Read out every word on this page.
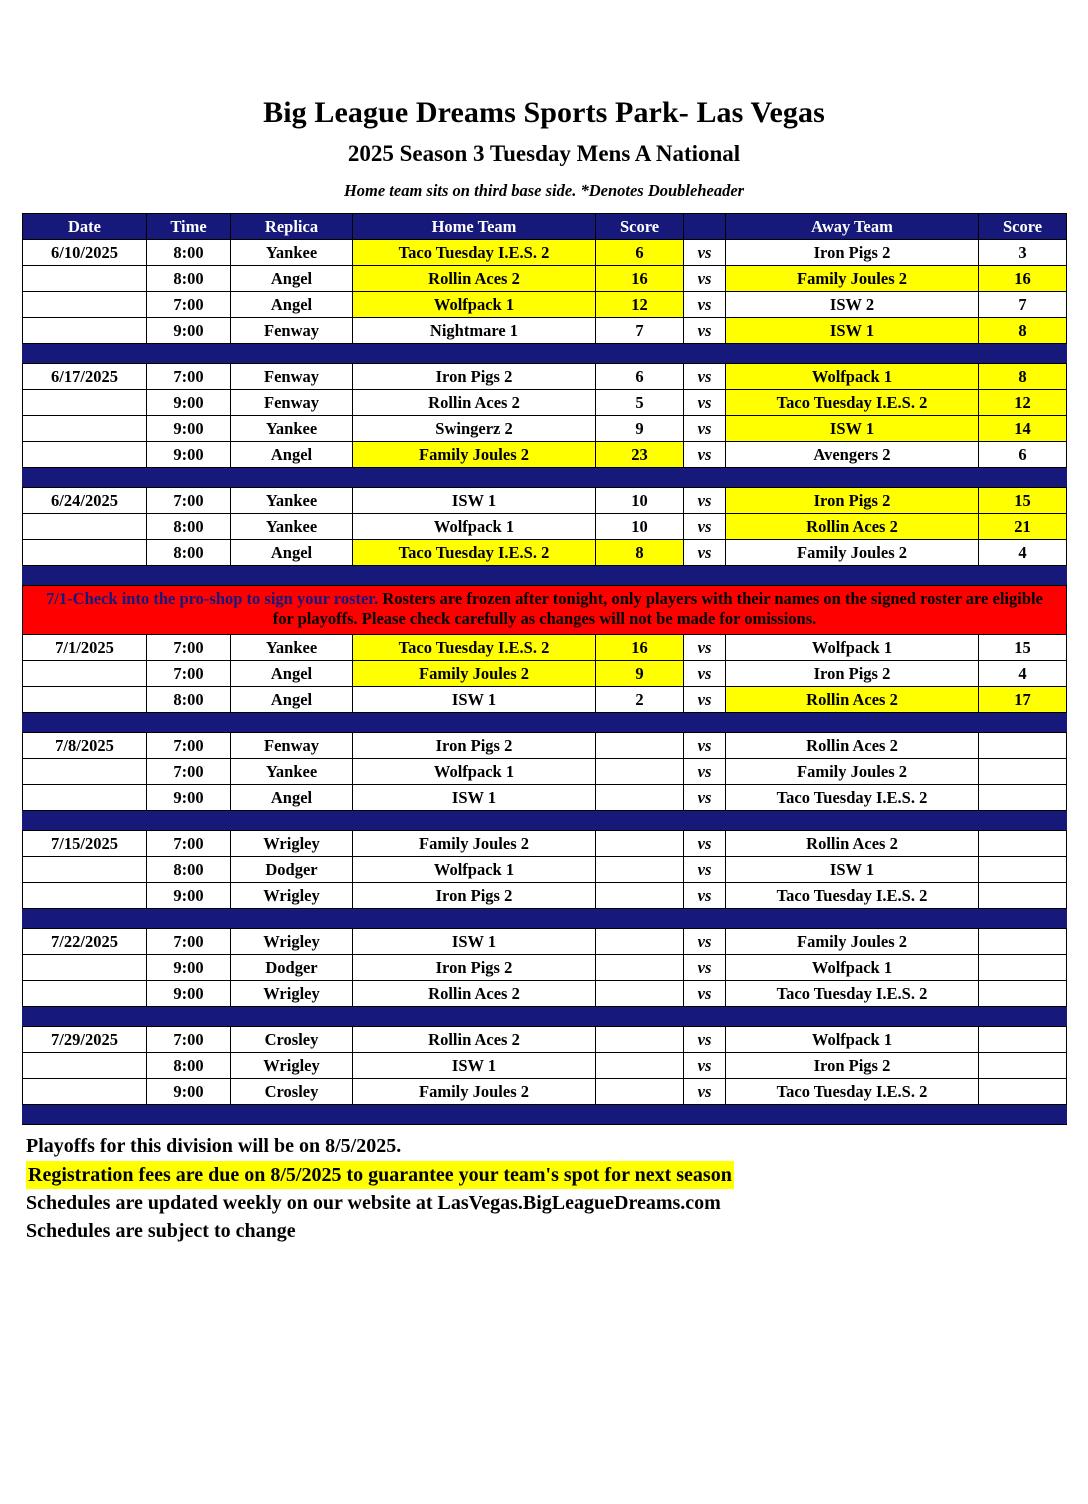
Big League Dreams Sports Park- Las Vegas
2025 Season 3 Tuesday Mens A National
Home team sits on third base side. *Denotes Doubleheader
Date	Time	Replica	Home Team	Score		Away Team	Score
6/10/2025	8:00	Yankee	Taco Tuesday I.E.S. 2	6	vs	Iron Pigs 2	3
	8:00	Angel	Rollin Aces 2	16	vs	Family Joules 2	16
	7:00	Angel	Wolfpack 1	12	vs	ISW 2	7
	9:00	Fenway	Nightmare 1	7	vs	ISW 1	8

6/17/2025	7:00	Fenway	Iron Pigs 2	6	vs	Wolfpack 1	8
	9:00	Fenway	Rollin Aces 2	5	vs	Taco Tuesday I.E.S. 2	12
	9:00	Yankee	Swingerz 2	9	vs	ISW 1	14
	9:00	Angel	Family Joules 2	23	vs	Avengers 2	6

6/24/2025	7:00	Yankee	ISW 1	10	vs	Iron Pigs 2	15
	8:00	Yankee	Wolfpack 1	10	vs	Rollin Aces 2	21
	8:00	Angel	Taco Tuesday I.E.S. 2	8	vs	Family Joules 2	4

7/1-Check into the pro-shop to sign your roster. Rosters are frozen after tonight, only players with their names on the signed roster are eligible for playoffs. Please check carefully as changes will not be made for omissions.							
7/1/2025	7:00	Yankee	Taco Tuesday I.E.S. 2	16	vs	Wolfpack 1	15
	7:00	Angel	Family Joules 2	9	vs	Iron Pigs 2	4
	8:00	Angel	ISW 1	2	vs	Rollin Aces 2	17

7/8/2025	7:00	Fenway	Iron Pigs 2		vs	Rollin Aces 2	
	7:00	Yankee	Wolfpack 1		vs	Family Joules 2	
	9:00	Angel	ISW 1		vs	Taco Tuesday I.E.S. 2	

7/15/2025	7:00	Wrigley	Family Joules 2		vs	Rollin Aces 2	
	8:00	Dodger	Wolfpack 1		vs	ISW 1	
	9:00	Wrigley	Iron Pigs 2		vs	Taco Tuesday I.E.S. 2	

7/22/2025	7:00	Wrigley	ISW 1		vs	Family Joules 2	
	9:00	Dodger	Iron Pigs 2		vs	Wolfpack 1	
	9:00	Wrigley	Rollin Aces 2		vs	Taco Tuesday I.E.S. 2	

7/29/2025	7:00	Crosley	Rollin Aces 2		vs	Wolfpack 1	
	8:00	Wrigley	ISW 1		vs	Iron Pigs 2	
	9:00	Crosley	Family Joules 2		vs	Taco Tuesday I.E.S. 2	

Playoffs for this division will be on 8/5/2025.
Registration fees are due on 8/5/2025 to guarantee your team's spot for next season
Schedules are updated weekly on our website at LasVegas.BigLeagueDreams.com
Schedules are subject to change
